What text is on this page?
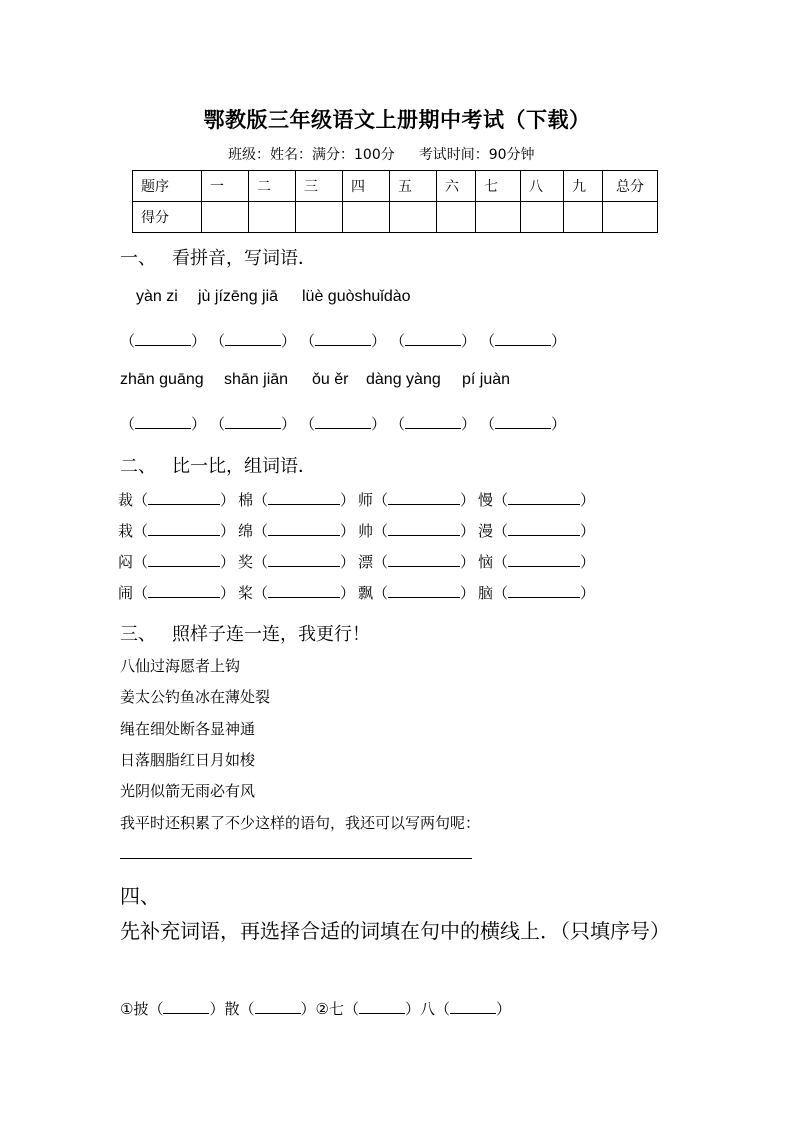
鄂教版三年级语文上册期中考试（下载）
班级：姓名：满分：100分 考试时间：90分钟
题序	一	二	三	四	五	六	七	八	九	总分
得分										
一、 看拼音，写词语．
yàn zi jù jízēng jiā lüè guòshuǐdào
（	） （	） （	） （	） （	）
zhān guāng shān jiān ǒu ěr dàng yàng pí juàn
（	） （	） （	） （	） （	）
二、 比一比，组词语．
裁（	） 棉（	） 师（	） 慢（	）
栽（	） 绵（	） 帅（	） 漫（	）
闷（	） 奖（	） 漂（	） 恼（	）
闹（	） 桨（	） 飘（	） 脑（	）
三、 照样子连一连，我更行！
八仙过海愿者上钩
姜太公钓鱼冰在薄处裂
绳在细处断各显神通
日落胭脂红日月如梭
光阴似箭无雨必有风
我平时还积累了不少这样的语句，我还可以写两句呢：
四、
先补充词语，再选择合适的词填在句中的横线上．（只填序号）
①披（	）散（	）②七（	）八（	）
